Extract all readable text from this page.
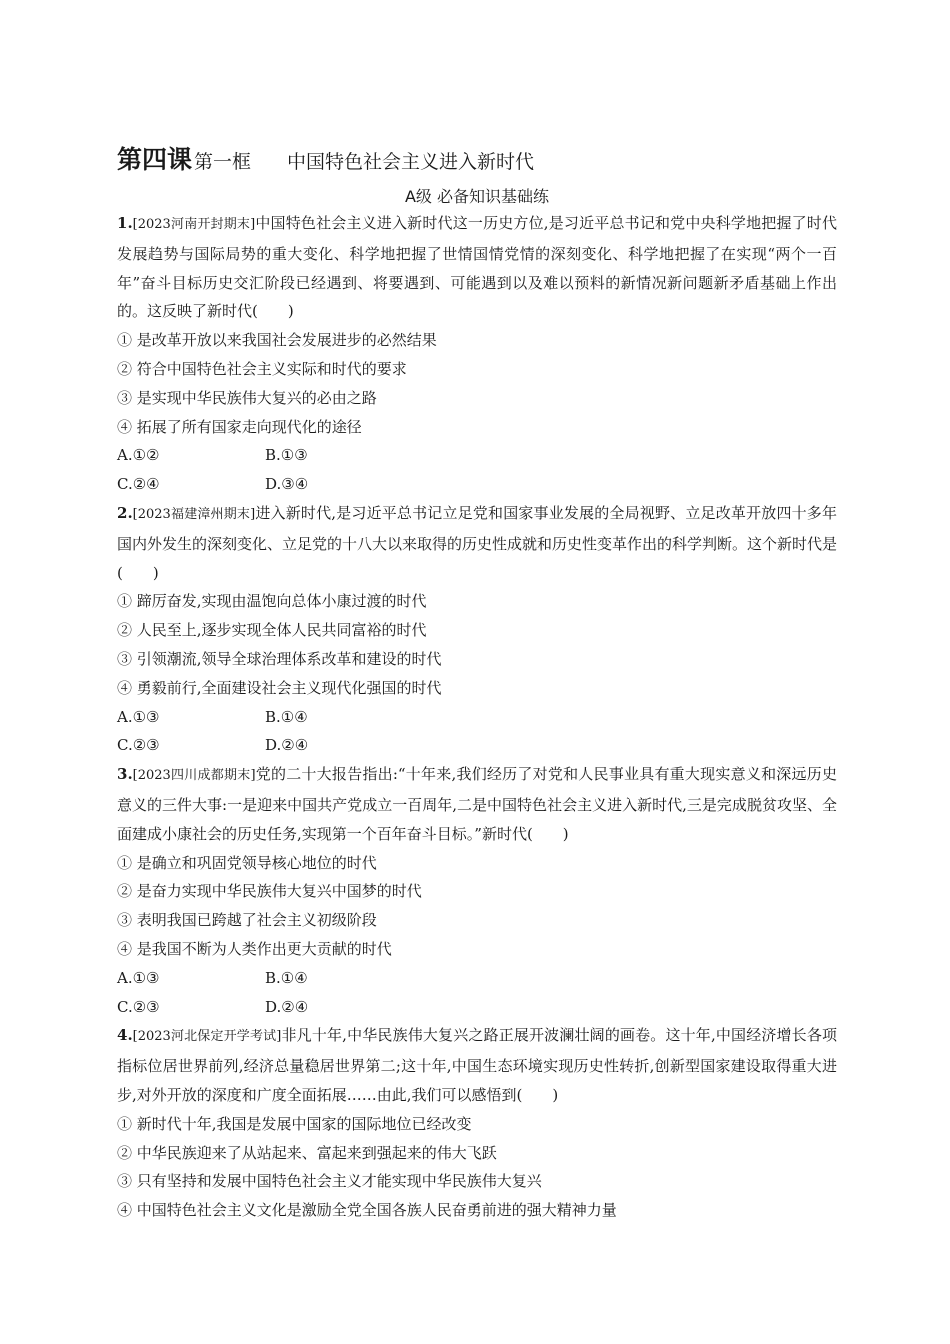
第四课 第一框 中国特色社会主义进入新时代
A级 必备知识基础练
1.[2023河南开封期末]中国特色社会主义进入新时代这一历史方位,是习近平总书记和党中央科学地把握了时代发展趋势与国际局势的重大变化、科学地把握了世情国情党情的深刻变化、科学地把握了在实现“两个一百年”奋斗目标历史交汇阶段已经遇到、将要遇到、可能遇到以及难以预料的新情况新问题新矛盾基础上作出的。这反映了新时代(　　)
① 是改革开放以来我国社会发展进步的必然结果
② 符合中国特色社会主义实际和时代的要求
③ 是实现中华民族伟大复兴的必由之路
④ 拓展了所有国家走向现代化的途径
A.①②	B.①③
C.②④	D.③④
2.[2023福建漳州期末]进入新时代,是习近平总书记立足党和国家事业发展的全局视野、立足改革开放四十多年国内外发生的深刻变化、立足党的十八大以来取得的历史性成就和历史性变革作出的科学判断。这个新时代是(　　)
① 蹄厉奋发,实现由温饱向总体小康过渡的时代
② 人民至上,逐步实现全体人民共同富裕的时代
③ 引领潮流,领导全球治理体系改革和建设的时代
④ 勇毅前行,全面建设社会主义现代化强国的时代
A.①③	B.①④
C.②③	D.②④
3.[2023四川成都期末]党的二十大报告指出:“十年来,我们经历了对党和人民事业具有重大现实意义和深远历史意义的三件大事:一是迎来中国共产党成立一百周年,二是中国特色社会主义进入新时代,三是完成脱贫攻坚、全面建成小康社会的历史任务,实现第一个百年奋斗目标。”新时代(　　)
① 是确立和巩固党领导核心地位的时代
② 是奋力实现中华民族伟大复兴中国梦的时代
③ 表明我国已跨越了社会主义初级阶段
④ 是我国不断为人类作出更大贡献的时代
A.①③	B.①④
C.②③	D.②④
4.[2023河北保定开学考试]非凡十年,中华民族伟大复兴之路正展开波澜壮阔的画卷。这十年,中国经济增长各项指标位居世界前列,经济总量稳居世界第二;这十年,中国生态环境实现历史性转折,创新型国家建设取得重大进步,对外开放的深度和广度全面拓展……由此,我们可以感悟到(　　)
① 新时代十年,我国是发展中国家的国际地位已经改变
② 中华民族迎来了从站起来、富起来到强起来的伟大飞跃
③ 只有坚持和发展中国特色社会主义才能实现中华民族伟大复兴
④ 中国特色社会主义文化是激励全党全国各族人民奋勇前进的强大精神力量
